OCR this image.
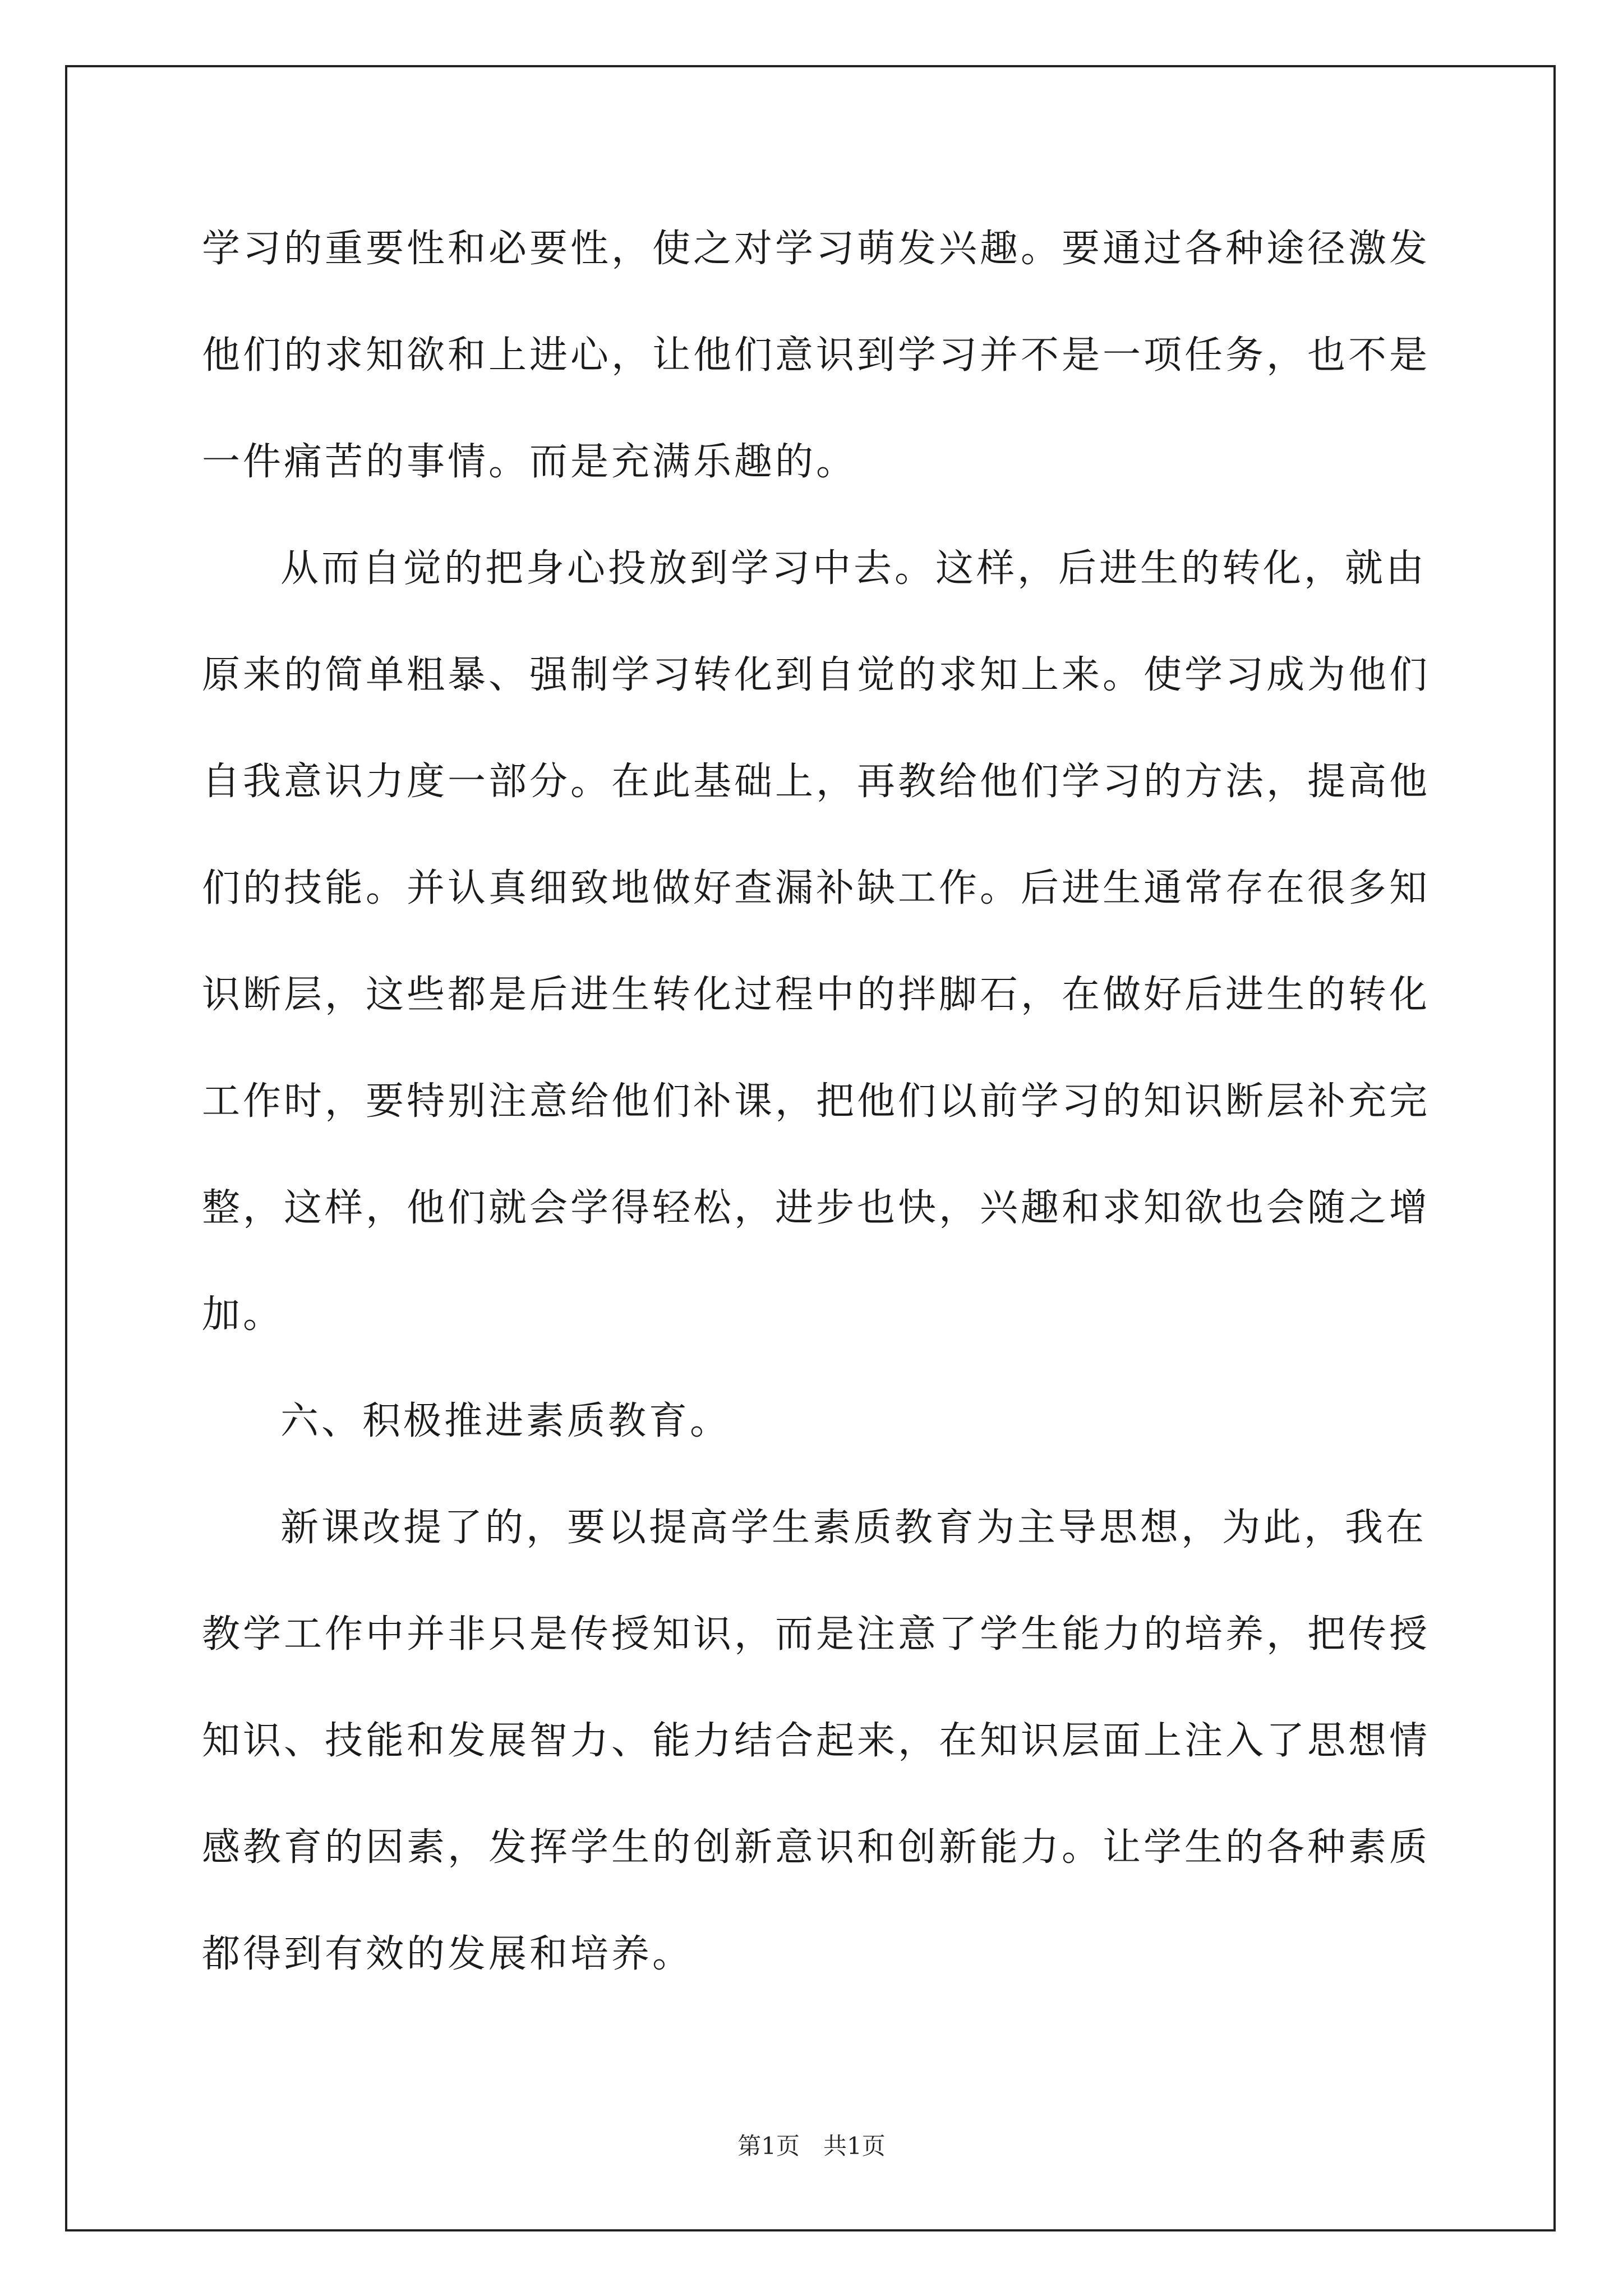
学习的重要性和必要性，使之对学习萌发兴趣。要通过各种途径激发
他们的求知欲和上进心，让他们意识到学习并不是一项任务，也不是
一件痛苦的事情。而是充满乐趣的。
从而自觉的把身心投放到学习中去。这样，后进生的转化，就由
原来的简单粗暴、强制学习转化到自觉的求知上来。使学习成为他们
自我意识力度一部分。在此基础上，再教给他们学习的方法，提高他
们的技能。并认真细致地做好查漏补缺工作。后进生通常存在很多知
识断层，这些都是后进生转化过程中的拌脚石，在做好后进生的转化
工作时，要特别注意给他们补课，把他们以前学习的知识断层补充完
整，这样，他们就会学得轻松，进步也快，兴趣和求知欲也会随之增
加。
六、积极推进素质教育。
新课改提了的，要以提高学生素质教育为主导思想，为此，我在
教学工作中并非只是传授知识，而是注意了学生能力的培养，把传授
知识、技能和发展智力、能力结合起来，在知识层面上注入了思想情
感教育的因素，发挥学生的创新意识和创新能力。让学生的各种素质
都得到有效的发展和培养。
第1页　共1页
